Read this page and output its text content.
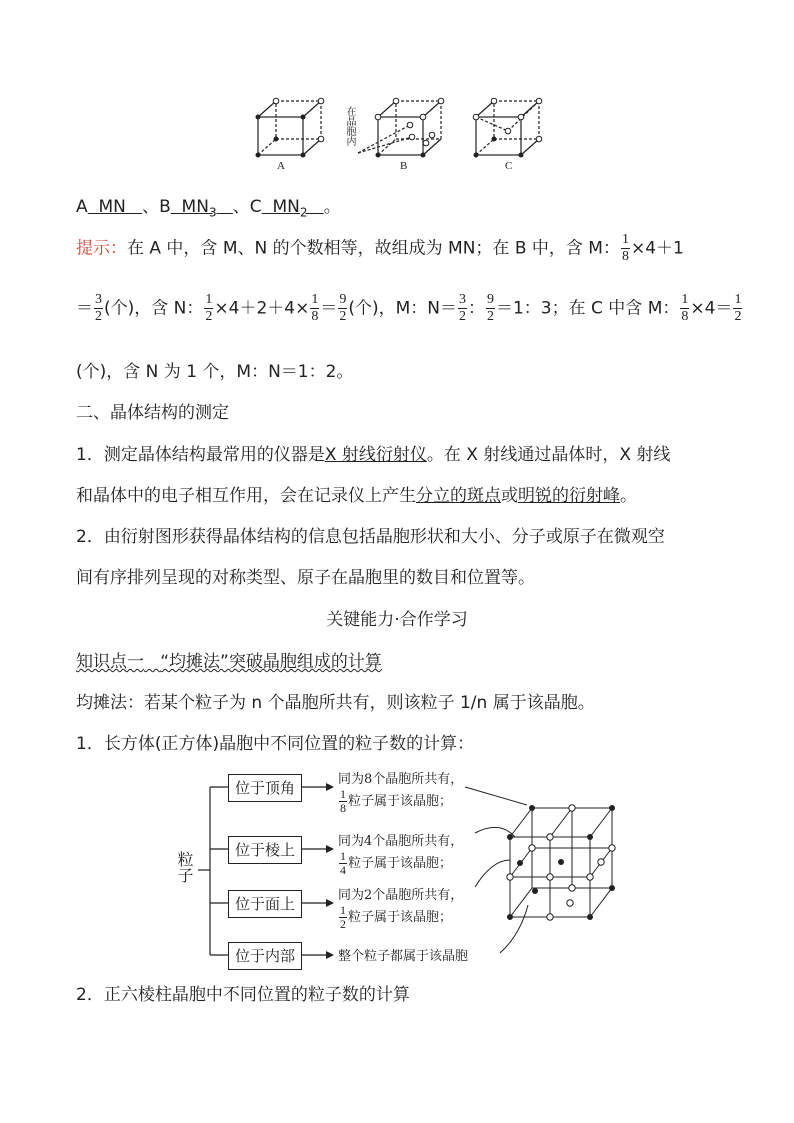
在晶胞内
A	B	C
A MN 、B $MN_3$ 、C $MN_2$ 。
提示：在 A 中，含 M、N 的个数相等，故组成为 MN；在 B 中，含 M： $\frac{1}{8} \times 4+1$
＝ $\frac{3}{2}$ (个)，含 N： $\frac{1}{2} \times 4+2+4\times \frac{1}{8} = \frac{9}{2}$ (个)，M：$N= \frac{3}{2}$ ： $\frac{9}{2} =1$：3；在 C 中含 M： $\frac{1}{8} \times 4= \frac{1}{2}$
(个)，含 N 为 1 个，M：N＝1：2。
二、晶体结构的测定
1．测定晶体结构最常用的仪器是X 射线衍射仪。在 X 射线通过晶体时，X 射线
和晶体中的电子相互作用，会在记录仪上产生分立的斑点或明锐的衍射峰。
2．由衍射图形获得晶体结构的信息包括晶胞形状和大小、分子或原子在微观空
间有序排列呈现的对称类型、原子在晶胞里的数目和位置等。
关键能力·合作学习
知识点一 “均摊法”突破晶胞组成的计算
均摊法：若某个粒子为 n 个晶胞所共有，则该粒子 1/n 属于该晶胞。
1．长方体(正方体)晶胞中不同位置的粒子数的计算：
粒子
位于顶角
位于棱上
位于面上
位于内部
同为8个晶胞所共有，
$\frac{1}{8}$ 粒子属于该晶胞；
同为4个晶胞所共有，
$\frac{1}{4}$ 粒子属于该晶胞；
同为2个晶胞所共有，
$\frac{1}{2}$ 粒子属于该晶胞；
整个粒子都属于该晶胞
2．正六棱柱晶胞中不同位置的粒子数的计算
